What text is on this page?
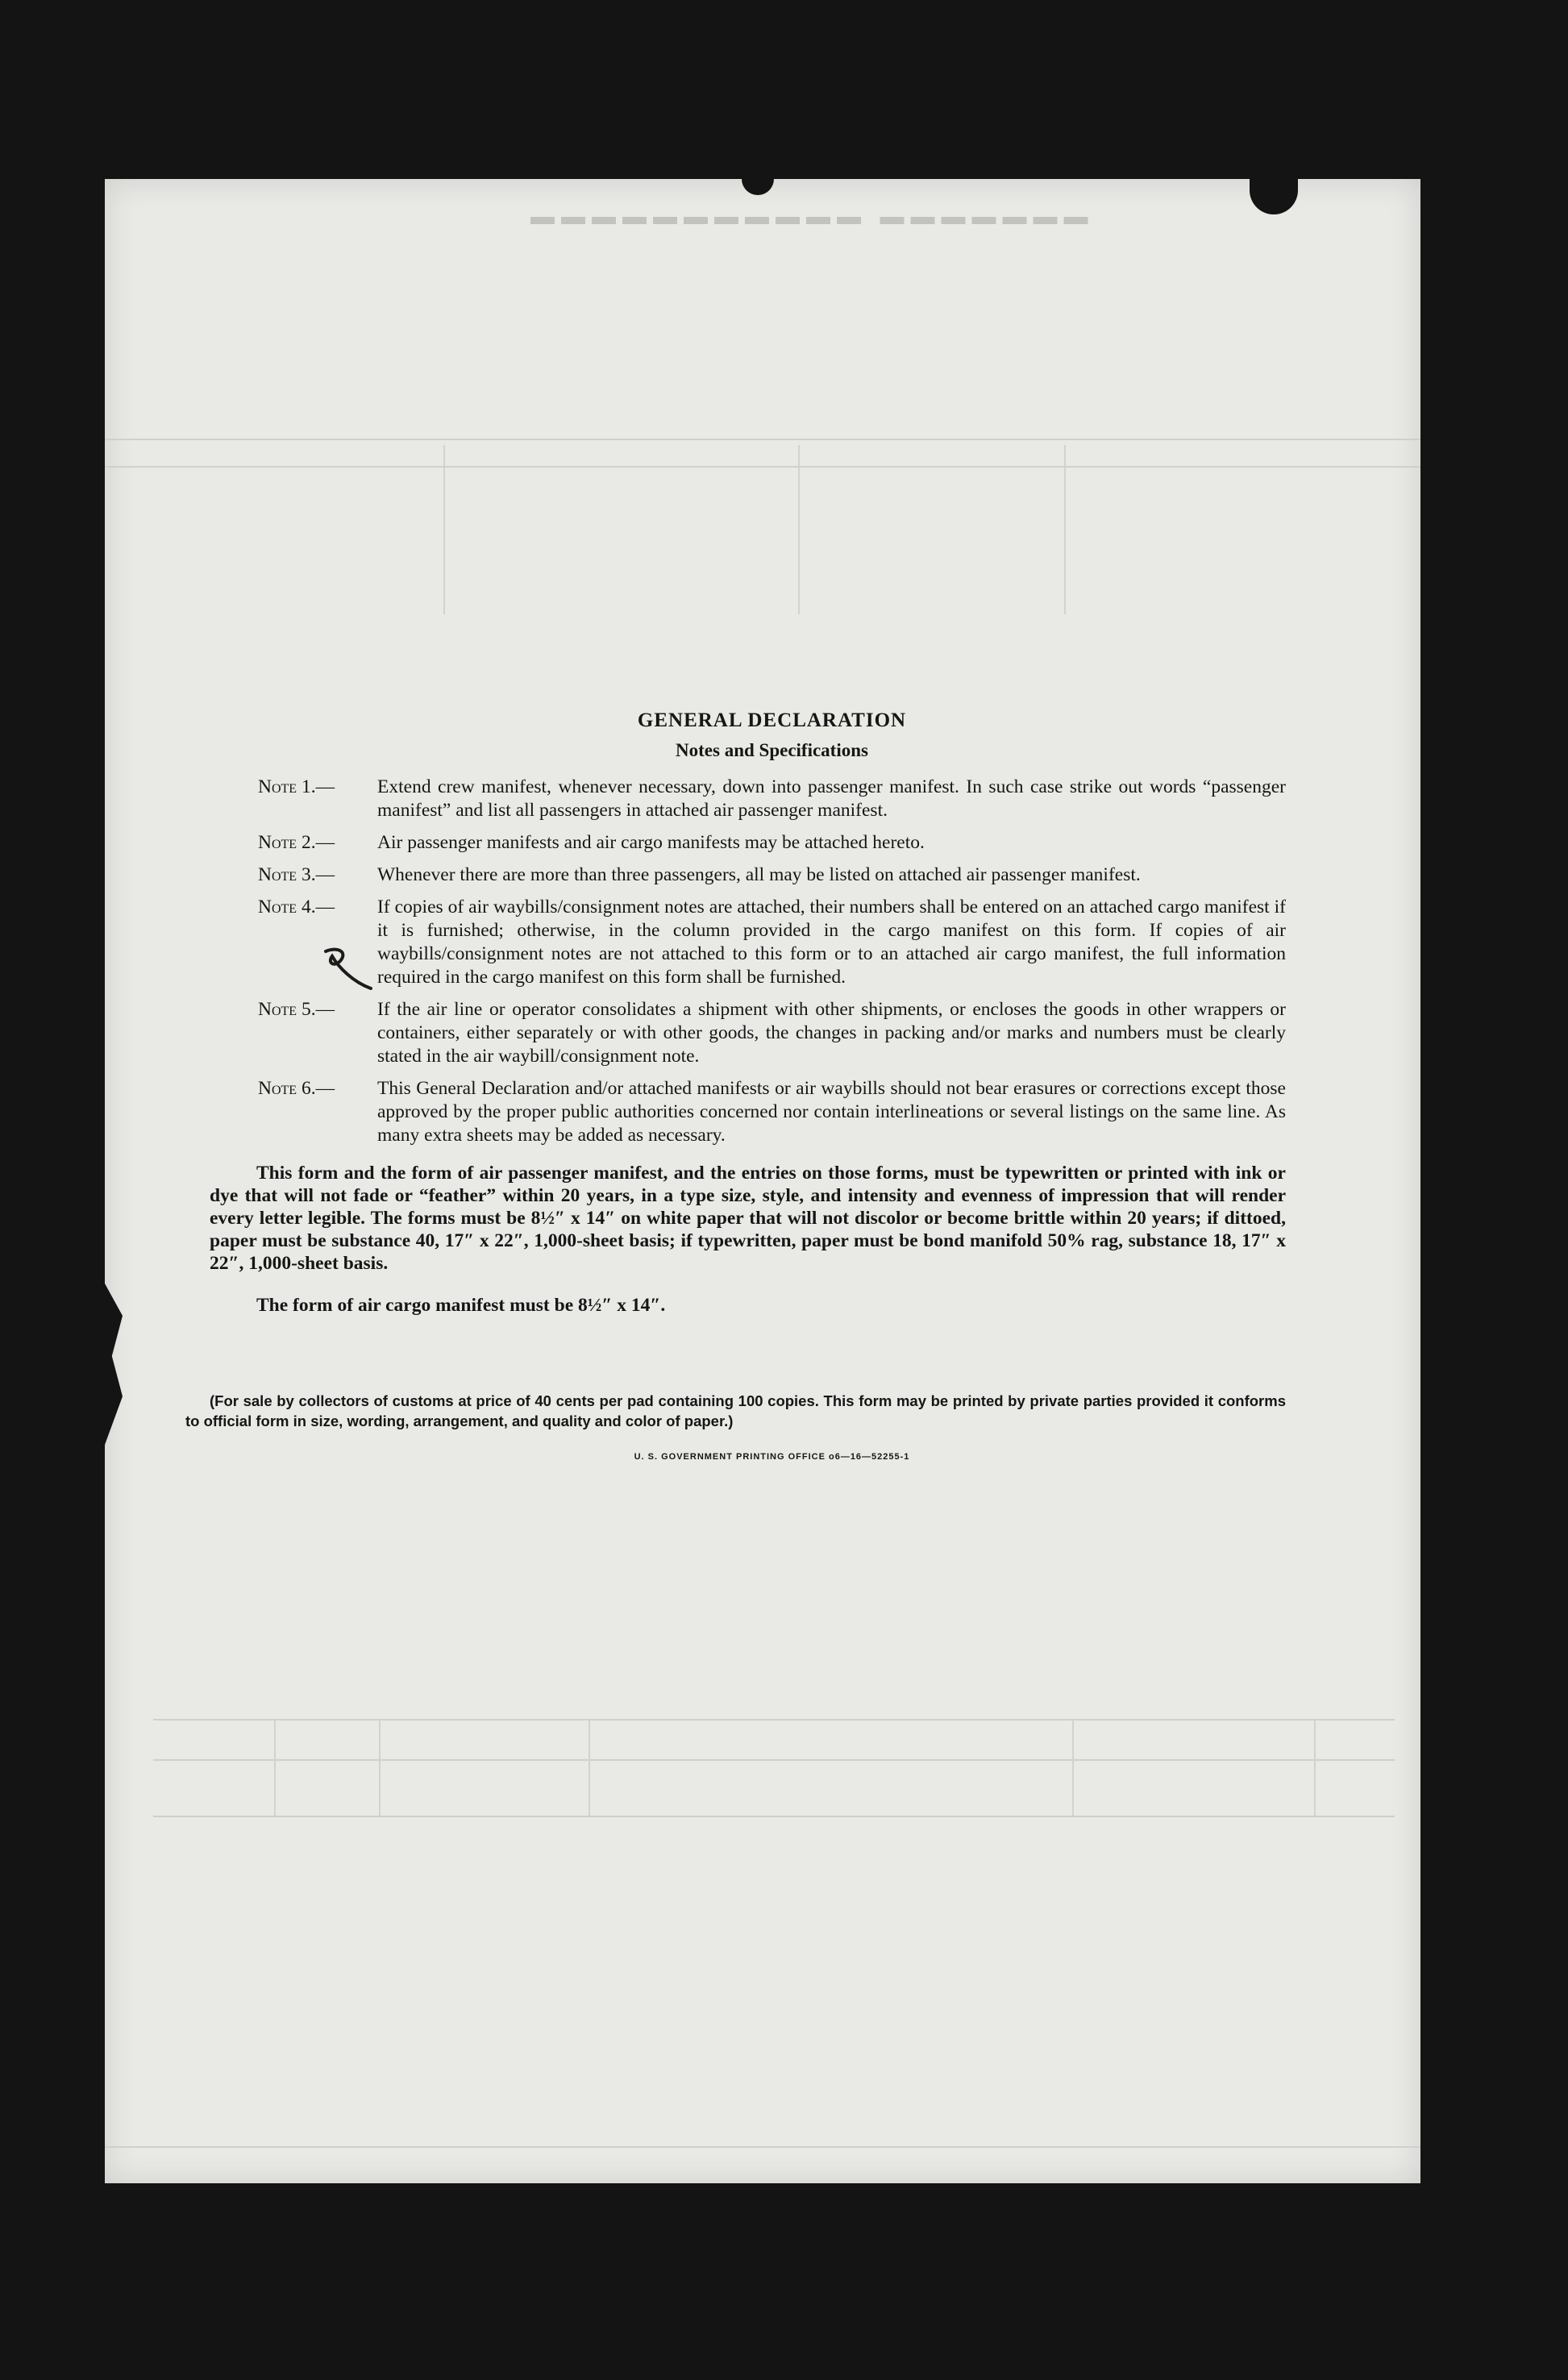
▬▬▬▬▬▬▬ ▬▬▬▬▬▬▬▬▬▬▬
GENERAL DECLARATION
Notes and Specifications
Note 1.—	Extend crew manifest, whenever necessary, down into passenger manifest. In such case strike out words “passenger manifest” and list all passengers in attached air passenger manifest.
Note 2.—	Air passenger manifests and air cargo manifests may be attached hereto.
Note 3.—	Whenever there are more than three passengers, all may be listed on attached air passenger manifest.
Note 4.—	If copies of air waybills/consignment notes are attached, their numbers shall be entered on an attached cargo manifest if it is furnished; otherwise, in the column provided in the cargo manifest on this form. If copies of air waybills/consignment notes are not attached to this form or to an attached air cargo manifest, the full information required in the cargo manifest on this form shall be furnished.
Note 5.—	If the air line or operator consolidates a shipment with other shipments, or encloses the goods in other wrappers or containers, either separately or with other goods, the changes in packing and/or marks and numbers must be clearly stated in the air waybill/consignment note.
Note 6.—	This General Declaration and/or attached manifests or air waybills should not bear erasures or corrections except those approved by the proper public authorities concerned nor contain interlineations or several listings on the same line. As many extra sheets may be added as necessary.

This form and the form of air passenger manifest, and the entries on those forms, must be typewritten or printed with ink or dye that will not fade or “feather” within 20 years, in a type size, style, and intensity and evenness of impression that will render every letter legible. The forms must be 8½″ x 14″ on white paper that will not discolor or become brittle within 20 years; if dittoed, paper must be substance 40, 17″ x 22″, 1,000-sheet basis; if typewritten, paper must be bond manifold 50% rag, substance 18, 17″ x 22″, 1,000-sheet basis.

The form of air cargo manifest must be 8½″ x 14″.

(For sale by collectors of customs at price of 40 cents per pad containing 100 copies. This form may be printed by private parties provided it conforms to official form in size, wording, arrangement, and quality and color of paper.)

U. S. GOVERNMENT PRINTING OFFICE o6—16—52255-1
